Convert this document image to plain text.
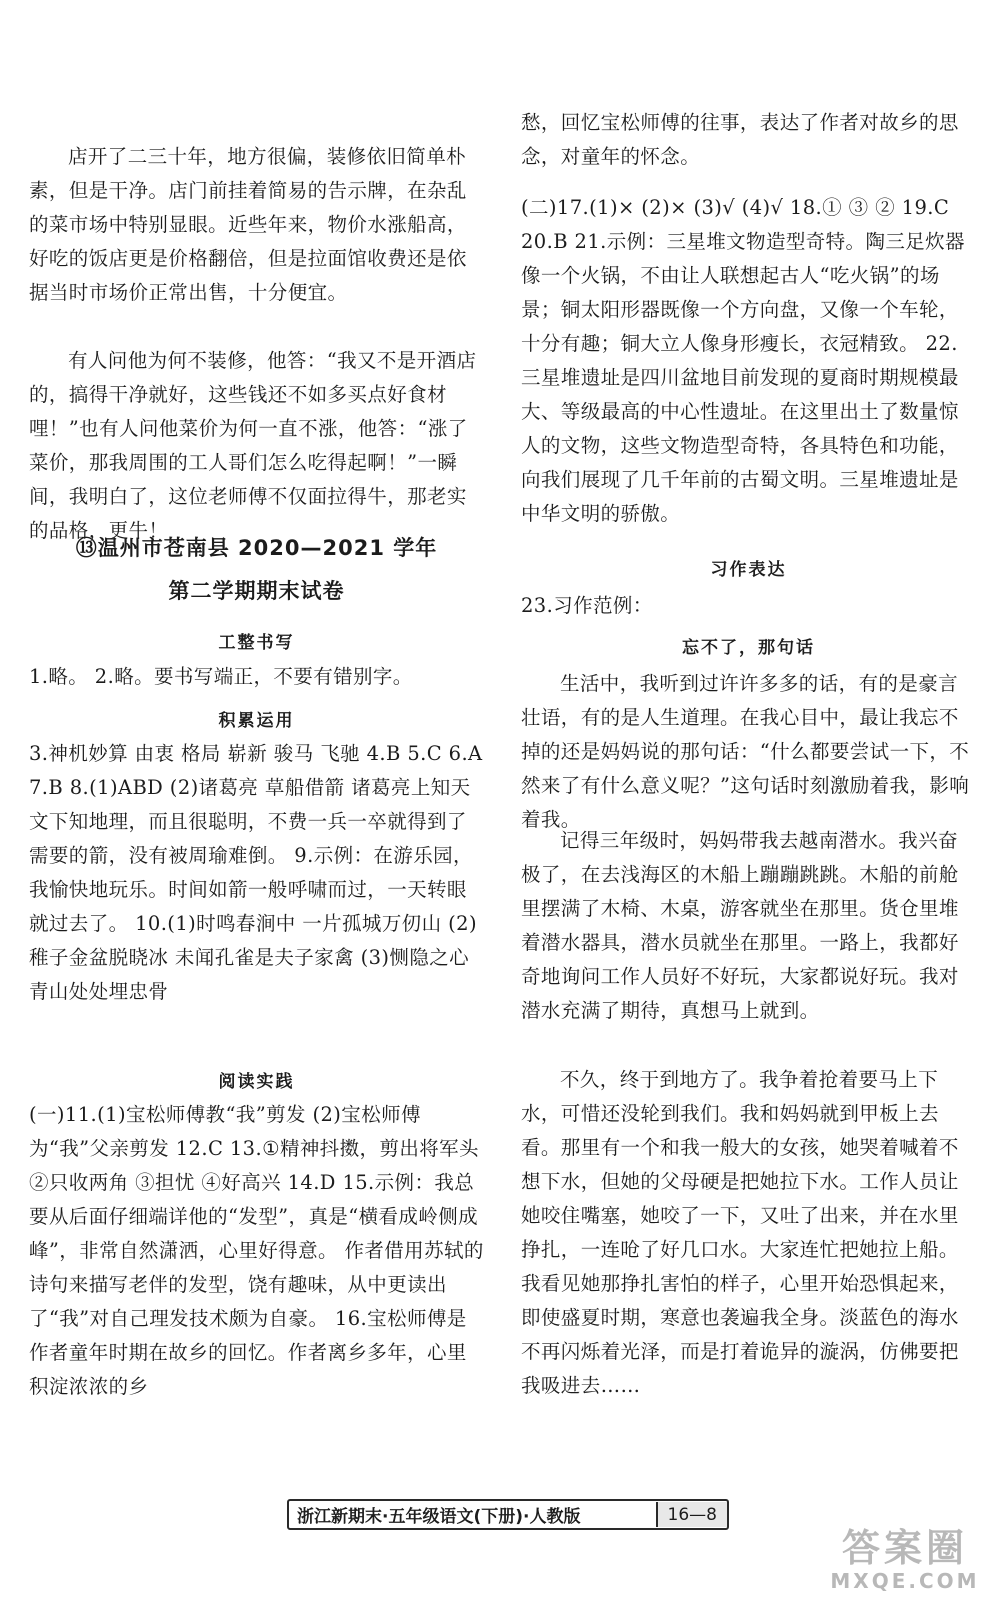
店开了二三十年，地方很偏，装修依旧简单朴素，但是干净。店门前挂着简易的告示牌，在杂乱的菜市场中特别显眼。近些年来，物价水涨船高，好吃的饭店更是价格翻倍，但是拉面馆收费还是依据当时市场价正常出售，十分便宜。

有人问他为何不装修，他答：“我又不是开酒店的，搞得干净就好，这些钱还不如多买点好食材哩！”也有人问他菜价为何一直不涨，他答：“涨了菜价，那我周围的工人哥们怎么吃得起啊！”一瞬间，我明白了，这位老师傅不仅面拉得牛，那老实的品格，更牛！

⑬温州市苍南县 2020—2021 学年

第二学期期末试卷

工整书写

1.略。 2.略。要书写端正，不要有错别字。

积累运用

3.神机妙算 由衷 格局 崭新 骏马 飞驰 4.B 5.C 6.A 7.B 8.(1)ABD (2)诸葛亮 草船借箭 诸葛亮上知天文下知地理，而且很聪明，不费一兵一卒就得到了需要的箭，没有被周瑜难倒。 9.示例：在游乐园，我愉快地玩乐。时间如箭一般呼啸而过，一天转眼就过去了。 10.(1)时鸣春涧中 一片孤城万仞山 (2)稚子金盆脱晓冰 未闻孔雀是夫子家禽 (3)恻隐之心 青山处处埋忠骨

阅读实践

(一)11.(1)宝松师傅教“我”剪发 (2)宝松师傅为“我”父亲剪发 12.C 13.①精神抖擞，剪出将军头 ②只收两角 ③担忧 ④好高兴 14.D 15.示例：我总要从后面仔细端详他的“发型”，真是“横看成岭侧成峰”，非常自然潇洒，心里好得意。 作者借用苏轼的诗句来描写老伴的发型，饶有趣味，从中更读出了“我”对自己理发技术颇为自豪。 16.宝松师傅是作者童年时期在故乡的回忆。作者离乡多年，心里积淀浓浓的乡

愁，回忆宝松师傅的往事，表达了作者对故乡的思念，对童年的怀念。

(二)17.(1)× (2)× (3)√ (4)√ 18.① ③ ② 19.C 20.B 21.示例：三星堆文物造型奇特。陶三足炊器像一个火锅，不由让人联想起古人“吃火锅”的场景；铜太阳形器既像一个方向盘，又像一个车轮，十分有趣；铜大立人像身形瘦长，衣冠精致。 22.三星堆遗址是四川盆地目前发现的夏商时期规模最大、等级最高的中心性遗址。在这里出土了数量惊人的文物，这些文物造型奇特，各具特色和功能，向我们展现了几千年前的古蜀文明。三星堆遗址是中华文明的骄傲。

习作表达

23.习作范例：

忘不了，那句话

生活中，我听到过许许多多的话，有的是豪言壮语，有的是人生道理。在我心目中，最让我忘不掉的还是妈妈说的那句话：“什么都要尝试一下，不然来了有什么意义呢？”这句话时刻激励着我，影响着我。

记得三年级时，妈妈带我去越南潜水。我兴奋极了，在去浅海区的木船上蹦蹦跳跳。木船的前舱里摆满了木椅、木桌，游客就坐在那里。货仓里堆着潜水器具，潜水员就坐在那里。一路上，我都好奇地询问工作人员好不好玩，大家都说好玩。我对潜水充满了期待，真想马上就到。

不久，终于到地方了。我争着抢着要马上下水，可惜还没轮到我们。我和妈妈就到甲板上去看。那里有一个和我一般大的女孩，她哭着喊着不想下水，但她的父母硬是把她拉下水。工作人员让她咬住嘴塞，她咬了一下，又吐了出来，并在水里挣扎，一连呛了好几口水。大家连忙把她拉上船。我看见她那挣扎害怕的样子，心里开始恐惧起来，即使盛夏时期，寒意也袭遍我全身。淡蓝色的海水不再闪烁着光泽，而是打着诡异的漩涡，仿佛要把我吸进去……

浙江新期末·五年级语文(下册)·人教版	16—8
答案圈
MXQE.COM
